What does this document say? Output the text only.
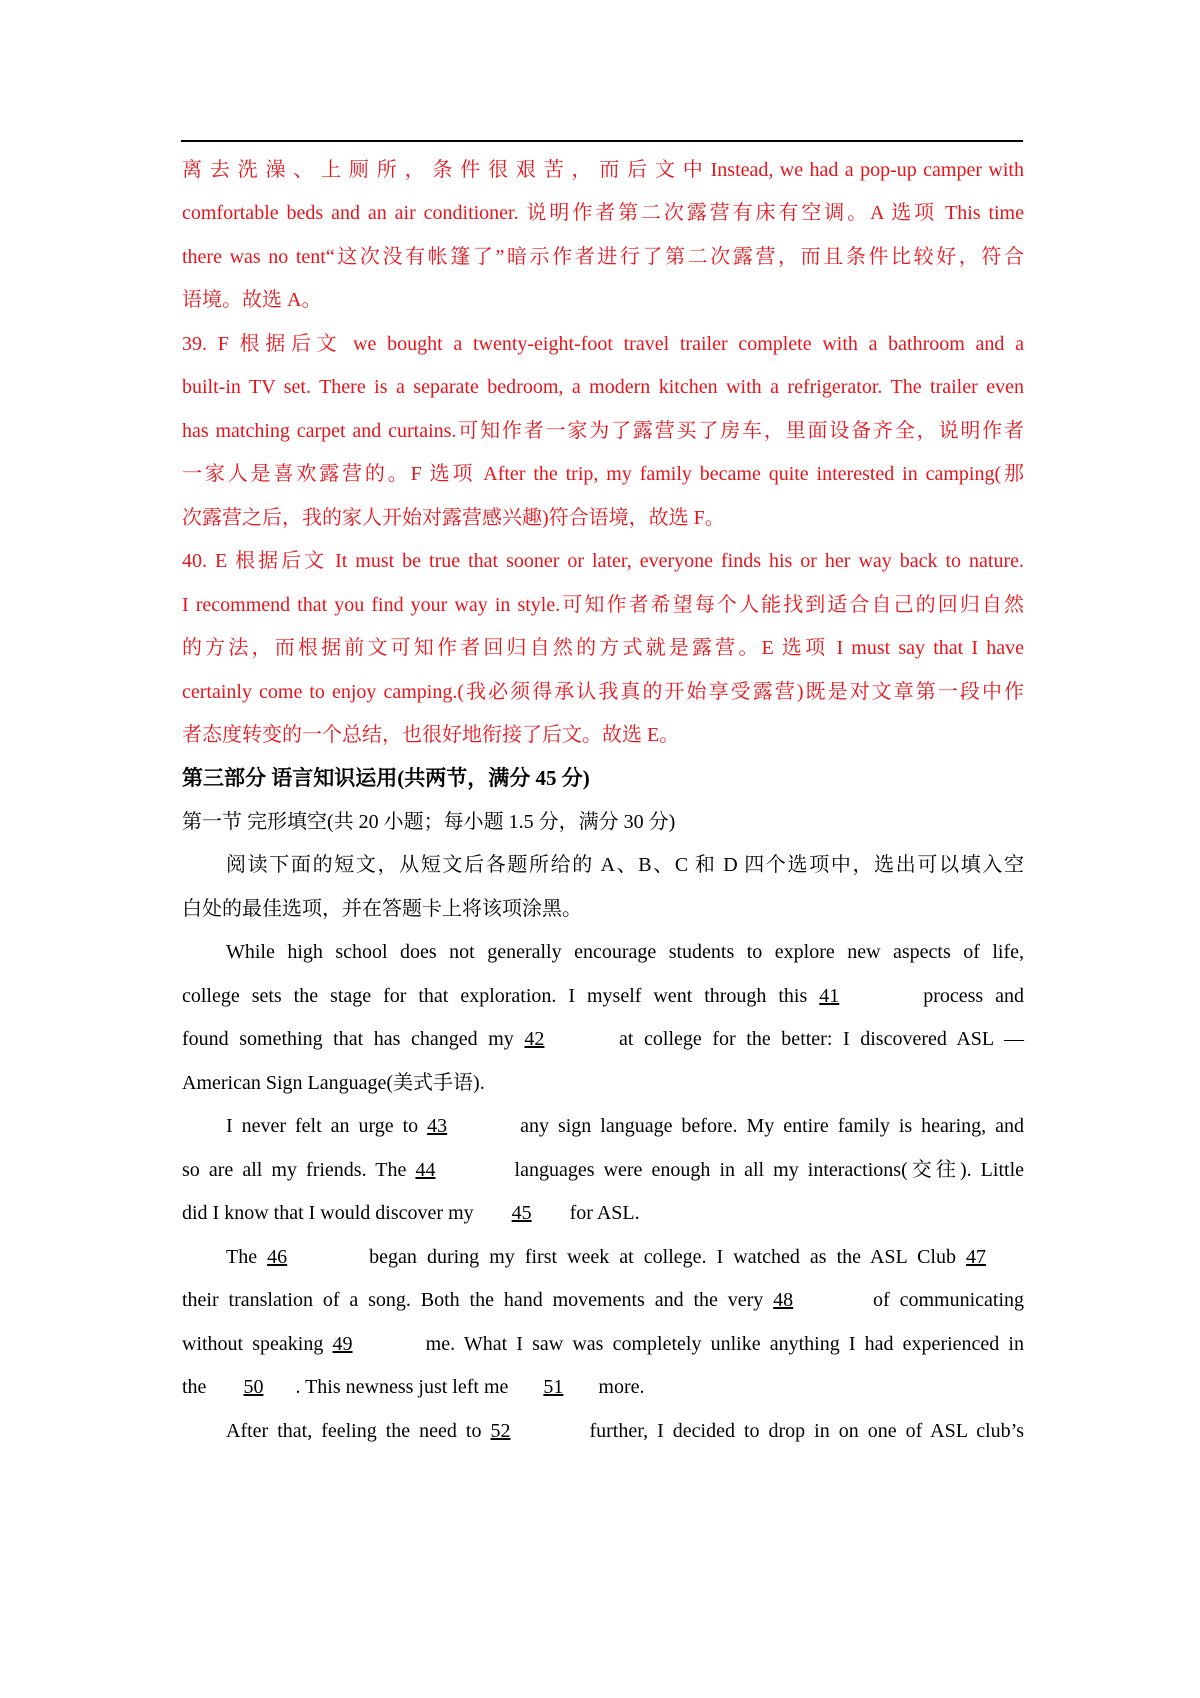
离 去 洗 澡 、 上 厕 所 ， 条 件 很 艰 苦 ， 而 后 文 中 Instead, we had a pop-up camper with
comfortable beds and an air conditioner. 说明作者第二次露营有床有空调。A 选项 This time
there was no tent“这次没有帐篷了”暗示作者进行了第二次露营，而且条件比较好，符合
语境。故选 A。
39. F 根据后文 we bought a twenty-eight-foot travel trailer complete with a bathroom and a
built-in TV set. There is a separate bedroom, a modern kitchen with a refrigerator. The trailer even
has matching carpet and curtains.可知作者一家为了露营买了房车，里面设备齐全，说明作者
一家人是喜欢露营的。F 选项 After the trip, my family became quite interested in camping(那
次露营之后，我的家人开始对露营感兴趣)符合语境，故选 F。
40. E 根据后文 It must be true that sooner or later, everyone finds his or her way back to nature.
I recommend that you find your way in style.可知作者希望每个人能找到适合自己的回归自然
的方法，而根据前文可知作者回归自然的方式就是露营。E 选项 I must say that I have
certainly come to enjoy camping.(我必须得承认我真的开始享受露营)既是对文章第一段中作
者态度转变的一个总结，也很好地衔接了后文。故选 E。
第三部分 语言知识运用(共两节，满分 45 分)
第一节 完形填空(共 20 小题；每小题 1.5 分，满分 30 分)
阅读下面的短文，从短文后各题所给的 A、B、C 和 D 四个选项中，选出可以填入空
白处的最佳选项，并在答题卡上将该项涂黑。
While high school does not generally encourage students to explore new aspects of life,
college sets the stage for that exploration. I myself went through this 41	process and
found something that has changed my 42	at college for the better: I discovered ASL —
American Sign Language(美式手语).
I never felt an urge to 43	any sign language before. My entire family is hearing, and
so are all my friends. The 44	languages were enough in all my interactions(交往). Little
did I know that I would discover my 45 for ASL.
The 46	began during my first week at college. I watched as the ASL Club 47
their translation of a song. Both the hand movements and the very 48	of communicating
without speaking 49	me. What I saw was completely unlike anything I had experienced in
the 50 . This newness just left me 51 more.
After that, feeling the need to 52	further, I decided to drop in on one of ASL club’s
